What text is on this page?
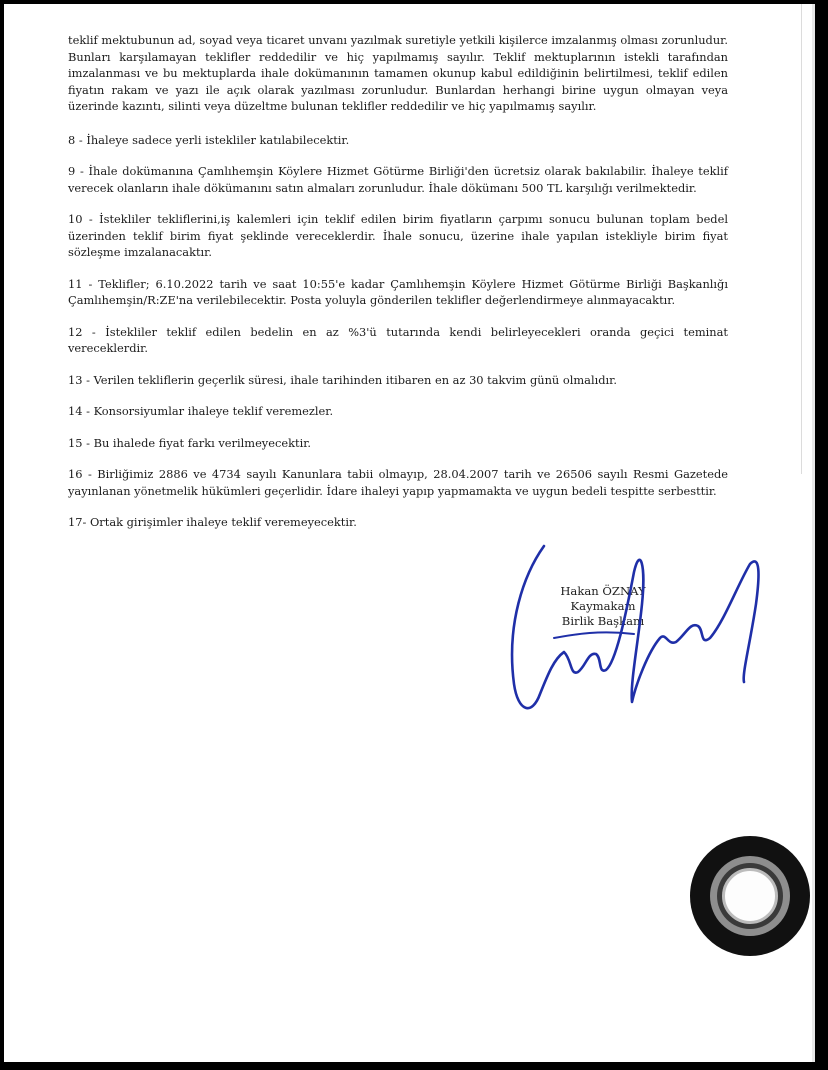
teklif mektubunun ad, soyad veya ticaret unvanı yazılmak suretiyle yetkili kişilerce imzalanmış olması zorunludur. Bunları karşılamayan teklifler reddedilir ve hiç yapılmamış sayılır. Teklif mektuplarının istekli tarafından imzalanması ve bu mektuplarda ihale dokümanının tamamen okunup kabul edildiğinin belirtilmesi, teklif edilen fiyatın rakam ve yazı ile açık olarak yazılması zorunludur. Bunlardan herhangi birine uygun olmayan veya üzerinde kazıntı, silinti veya düzeltme bulunan teklifler reddedilir ve hiç yapılmamış sayılır.

8 - İhaleye sadece yerli istekliler katılabilecektir.

9 - İhale dokümanına Çamlıhemşin Köylere Hizmet Götürme Birliği'den ücretsiz olarak bakılabilir. İhaleye teklif verecek olanların ihale dökümanını satın almaları zorunludur. İhale dökümanı 500 TL karşılığı verilmektedir.

10 - İstekliler tekliflerini,iş kalemleri için teklif edilen birim fiyatların çarpımı sonucu bulunan toplam bedel üzerinden teklif birim fiyat şeklinde vereceklerdir. İhale sonucu, üzerine ihale yapılan istekliyle birim fiyat sözleşme imzalanacaktır.

11 - Teklifler; 6.10.2022 tarih ve saat 10:55'e kadar Çamlıhemşin Köylere Hizmet Götürme Birliği Başkanlığı Çamlıhemşin/R:ZE'na verilebilecektir. Posta yoluyla gönderilen teklifler değerlendirmeye alınmayacaktır.

12 - İstekliler teklif edilen bedelin en az %3'ü tutarında kendi belirleyecekleri oranda geçici teminat vereceklerdir.

13 - Verilen tekliflerin geçerlik süresi, ihale tarihinden itibaren en az 30 takvim günü olmalıdır.

14 - Konsorsiyumlar ihaleye teklif veremezler.

15 - Bu ihalede fiyat farkı verilmeyecektir.

16 - Birliğimiz 2886 ve 4734 sayılı Kanunlara tabii olmayıp, 28.04.2007 tarih ve 26506 sayılı Resmi Gazetede yayınlanan yönetmelik hükümleri geçerlidir. İdare ihaleyi yapıp yapmamakta ve uygun bedeli tespitte serbesttir.

17- Ortak girişimler ihaleye teklif veremeyecektir.

Hakan ÖZNAY
Kaymakam
Birlik Başkanı
